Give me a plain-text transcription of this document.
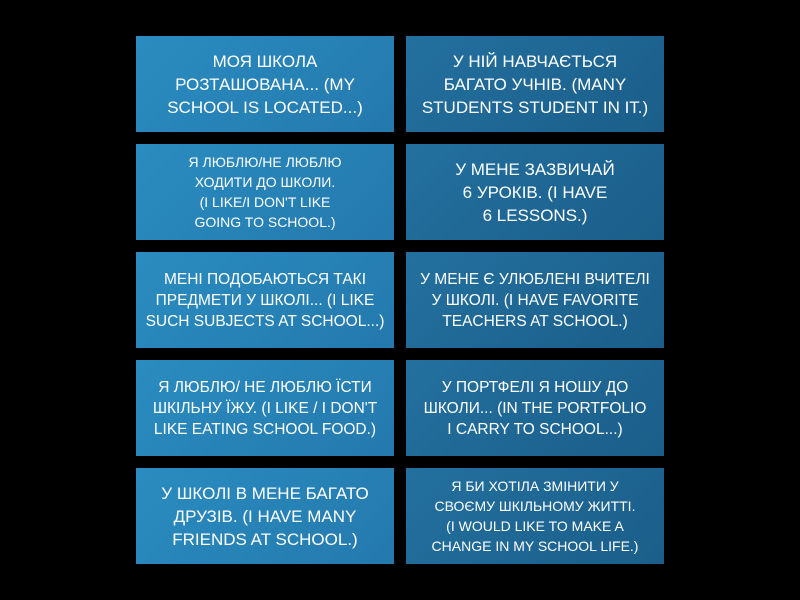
МОЯ ШКОЛА
РОЗТАШОВАНА... (MY
SCHOOL IS LOCATED...)
У НІЙ НАВЧАЄТЬСЯ
БАГАТО УЧНІВ. (MANY
STUDENTS STUDENT IN IT.)
Я ЛЮБЛЮ/НЕ ЛЮБЛЮ
ХОДИТИ ДО ШКОЛИ.
(I LIKE/I DON'T LIKE
GOING TO SCHOOL.)
У МЕНЕ ЗАЗВИЧАЙ
6 УРОКІВ. (I HAVE
6 LESSONS.)
МЕНІ ПОДОБАЮТЬСЯ ТАКІ
ПРЕДМЕТИ У ШКОЛІ... (I LIKE
SUCH SUBJECTS AT SCHOOL...)
У МЕНЕ Є УЛЮБЛЕНІ ВЧИТЕЛІ
У ШКОЛІ. (I HAVE FAVORITE
TEACHERS AT SCHOOL.)
Я ЛЮБЛЮ/ НЕ ЛЮБЛЮ ЇСТИ
ШКІЛЬНУ ЇЖУ. (I LIKE / I DON'T
LIKE EATING SCHOOL FOOD.)
У ПОРТФЕЛІ Я НОШУ ДО
ШКОЛИ... (IN THE PORTFOLIO
I CARRY TO SCHOOL...)
У ШКОЛІ В МЕНЕ БАГАТО
ДРУЗІВ. (I HAVE MANY
FRIENDS AT SCHOOL.)
Я БИ ХОТІЛА ЗМІНИТИ У
СВОЄМУ ШКІЛЬНОМУ ЖИТТІ.
(I WOULD LIKE TO MAKE A
CHANGE IN MY SCHOOL LIFE.)
